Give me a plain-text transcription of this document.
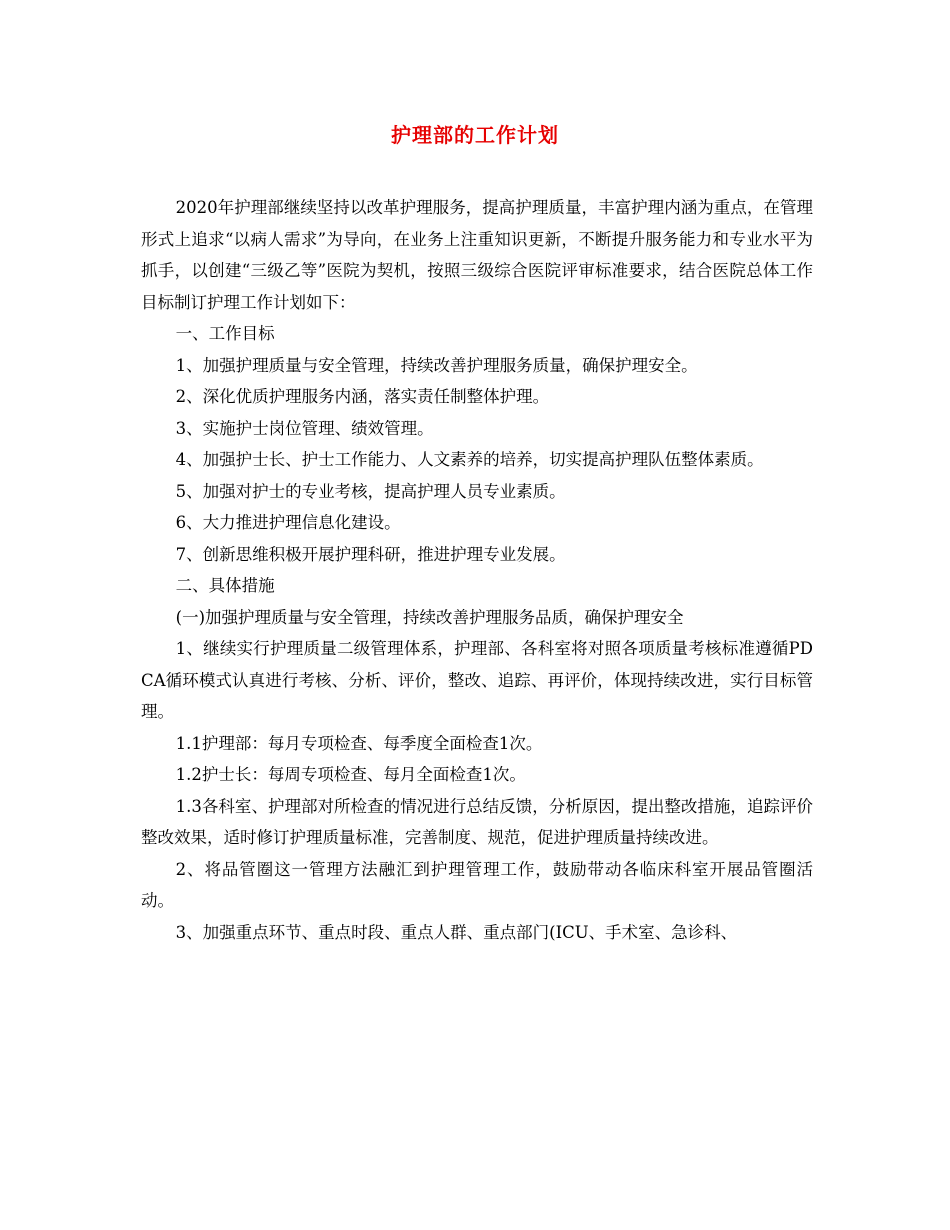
护理部的工作计划

2020年护理部继续坚持以改革护理服务，提高护理质量，丰富护理内涵为重点，在管理形式上追求“以病人需求”为导向，在业务上注重知识更新，不断提升服务能力和专业水平为抓手，以创建“三级乙等”医院为契机，按照三级综合医院评审标准要求，结合医院总体工作目标制订护理工作计划如下：

一、工作目标

1、加强护理质量与安全管理，持续改善护理服务质量，确保护理安全。

2、深化优质护理服务内涵，落实责任制整体护理。

3、实施护士岗位管理、绩效管理。

4、加强护士长、护士工作能力、人文素养的培养，切实提高护理队伍整体素质。

5、加强对护士的专业考核，提高护理人员专业素质。

6、大力推进护理信息化建设。

7、创新思维积极开展护理科研，推进护理专业发展。

二、具体措施

(一)加强护理质量与安全管理，持续改善护理服务品质，确保护理安全

1、继续实行护理质量二级管理体系，护理部、各科室将对照各项质量考核标准遵循PDCA循环模式认真进行考核、分析、评价，整改、追踪、再评价，体现持续改进，实行目标管理。

1.1护理部：每月专项检查、每季度全面检查1次。

1.2护士长：每周专项检查、每月全面检查1次。

1.3各科室、护理部对所检查的情况进行总结反馈，分析原因，提出整改措施，追踪评价整改效果，适时修订护理质量标准，完善制度、规范，促进护理质量持续改进。

2、将品管圈这一管理方法融汇到护理管理工作，鼓励带动各临床科室开展品管圈活动。

3、加强重点环节、重点时段、重点人群、重点部门(ICU、手术室、急诊科、
